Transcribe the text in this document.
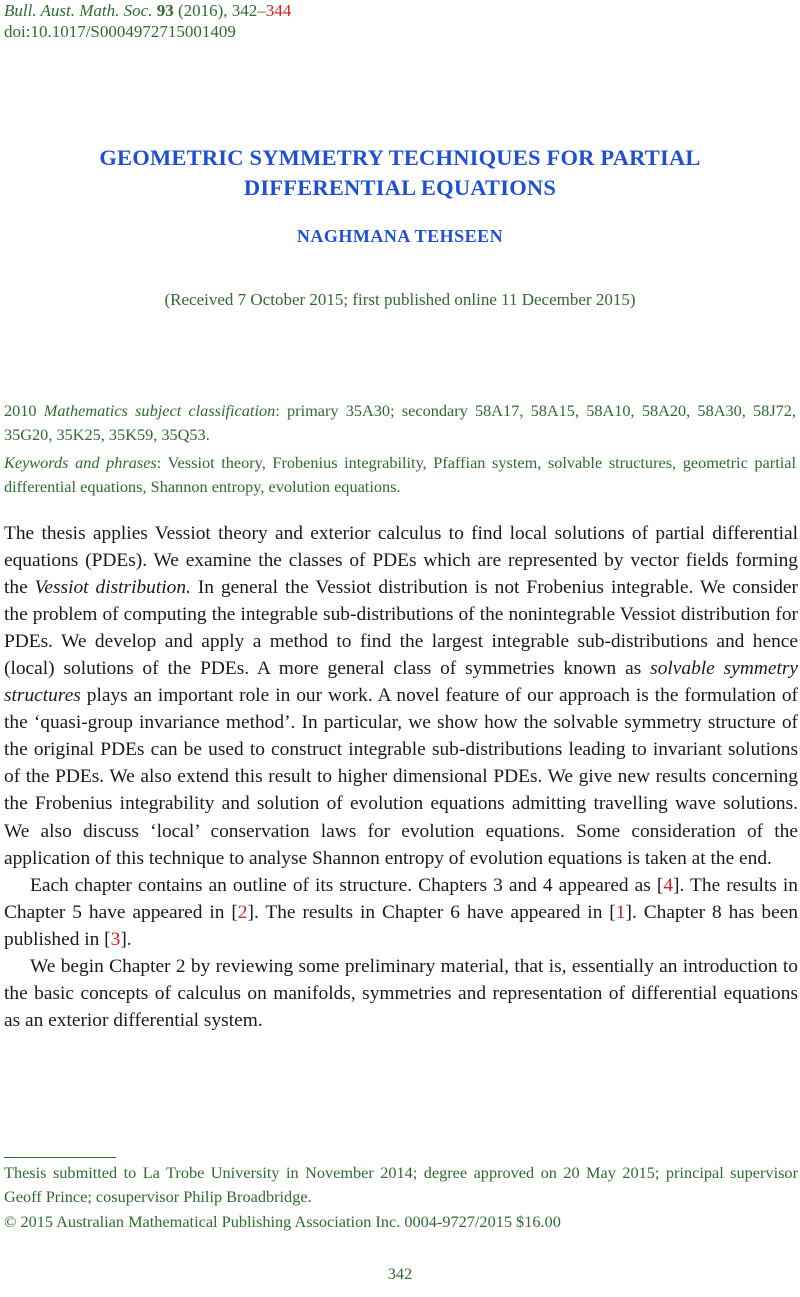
Bull. Aust. Math. Soc. 93 (2016), 342–344
doi:10.1017/S0004972715001409
GEOMETRIC SYMMETRY TECHNIQUES FOR PARTIAL
DIFFERENTIAL EQUATIONS
NAGHMANA TEHSEEN
(Received 7 October 2015; first published online 11 December 2015)
2010 Mathematics subject classification: primary 35A30; secondary 58A17, 58A15, 58A10, 58A20, 58A30, 58J72, 35G20, 35K25, 35K59, 35Q53.
Keywords and phrases: Vessiot theory, Frobenius integrability, Pfaffian system, solvable structures, geometric partial differential equations, Shannon entropy, evolution equations.

The thesis applies Vessiot theory and exterior calculus to find local solutions of partial differential equations (PDEs). We examine the classes of PDEs which are represented by vector fields forming the Vessiot distribution. In general the Vessiot distribution is not Frobenius integrable. We consider the problem of computing the integrable sub-distributions of the nonintegrable Vessiot distribution for PDEs. We develop and apply a method to find the largest integrable sub-distributions and hence (local) solutions of the PDEs. A more general class of symmetries known as solvable symmetry structures plays an important role in our work. A novel feature of our approach is the formulation of the ‘quasi-group invariance method’. In particular, we show how the solvable symmetry structure of the original PDEs can be used to construct integrable sub-distributions leading to invariant solutions of the PDEs. We also extend this result to higher dimensional PDEs. We give new results concerning the Frobenius integrability and solution of evolution equations admitting travelling wave solutions. We also discuss ‘local’ conservation laws for evolution equations. Some consideration of the application of this technique to analyse Shannon entropy of evolution equations is taken at the end.

Each chapter contains an outline of its structure. Chapters 3 and 4 appeared as [4]. The results in Chapter 5 have appeared in [2]. The results in Chapter 6 have appeared in [1]. Chapter 8 has been published in [3].

We begin Chapter 2 by reviewing some preliminary material, that is, essentially an introduction to the basic concepts of calculus on manifolds, symmetries and representation of differential equations as an exterior differential system.

Thesis submitted to La Trobe University in November 2014; degree approved on 20 May 2015; principal supervisor Geoff Prince; cosupervisor Philip Broadbridge.
© 2015 Australian Mathematical Publishing Association Inc. 0004-9727/2015 $16.00
342
